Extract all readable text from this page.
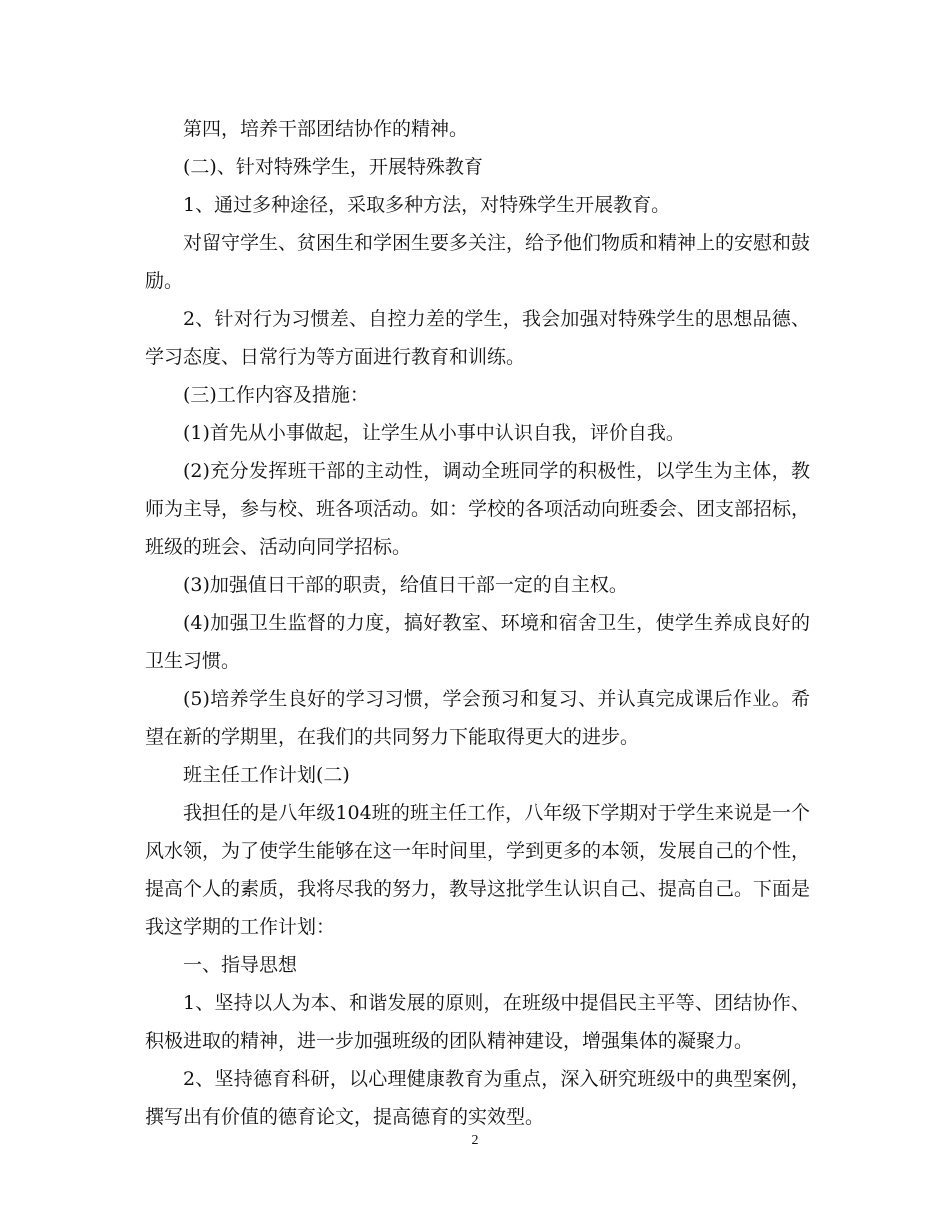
第四，培养干部团结协作的精神。

(二)、针对特殊学生，开展特殊教育

1、通过多种途径，采取多种方法，对特殊学生开展教育。

对留守学生、贫困生和学困生要多关注，给予他们物质和精神上的安慰和鼓励。

2、针对行为习惯差、自控力差的学生，我会加强对特殊学生的思想品德、学习态度、日常行为等方面进行教育和训练。

(三)工作内容及措施：

(1)首先从小事做起，让学生从小事中认识自我，评价自我。

(2)充分发挥班干部的主动性，调动全班同学的积极性，以学生为主体，教师为主导，参与校、班各项活动。如：学校的各项活动向班委会、团支部招标，班级的班会、活动向同学招标。

(3)加强值日干部的职责，给值日干部一定的自主权。

(4)加强卫生监督的力度，搞好教室、环境和宿舍卫生，使学生养成良好的卫生习惯。

(5)培养学生良好的学习习惯，学会预习和复习、并认真完成课后作业。希望在新的学期里，在我们的共同努力下能取得更大的进步。

班主任工作计划(二)

我担任的是八年级104班的班主任工作，八年级下学期对于学生来说是一个风水领，为了使学生能够在这一年时间里，学到更多的本领，发展自己的个性，提高个人的素质，我将尽我的努力，教导这批学生认识自己、提高自己。下面是我这学期的工作计划：

一、指导思想

1、坚持以人为本、和谐发展的原则，在班级中提倡民主平等、团结协作、积极进取的精神，进一步加强班级的团队精神建设，增强集体的凝聚力。

2、坚持德育科研，以心理健康教育为重点，深入研究班级中的典型案例，撰写出有价值的德育论文，提高德育的实效型。

2
